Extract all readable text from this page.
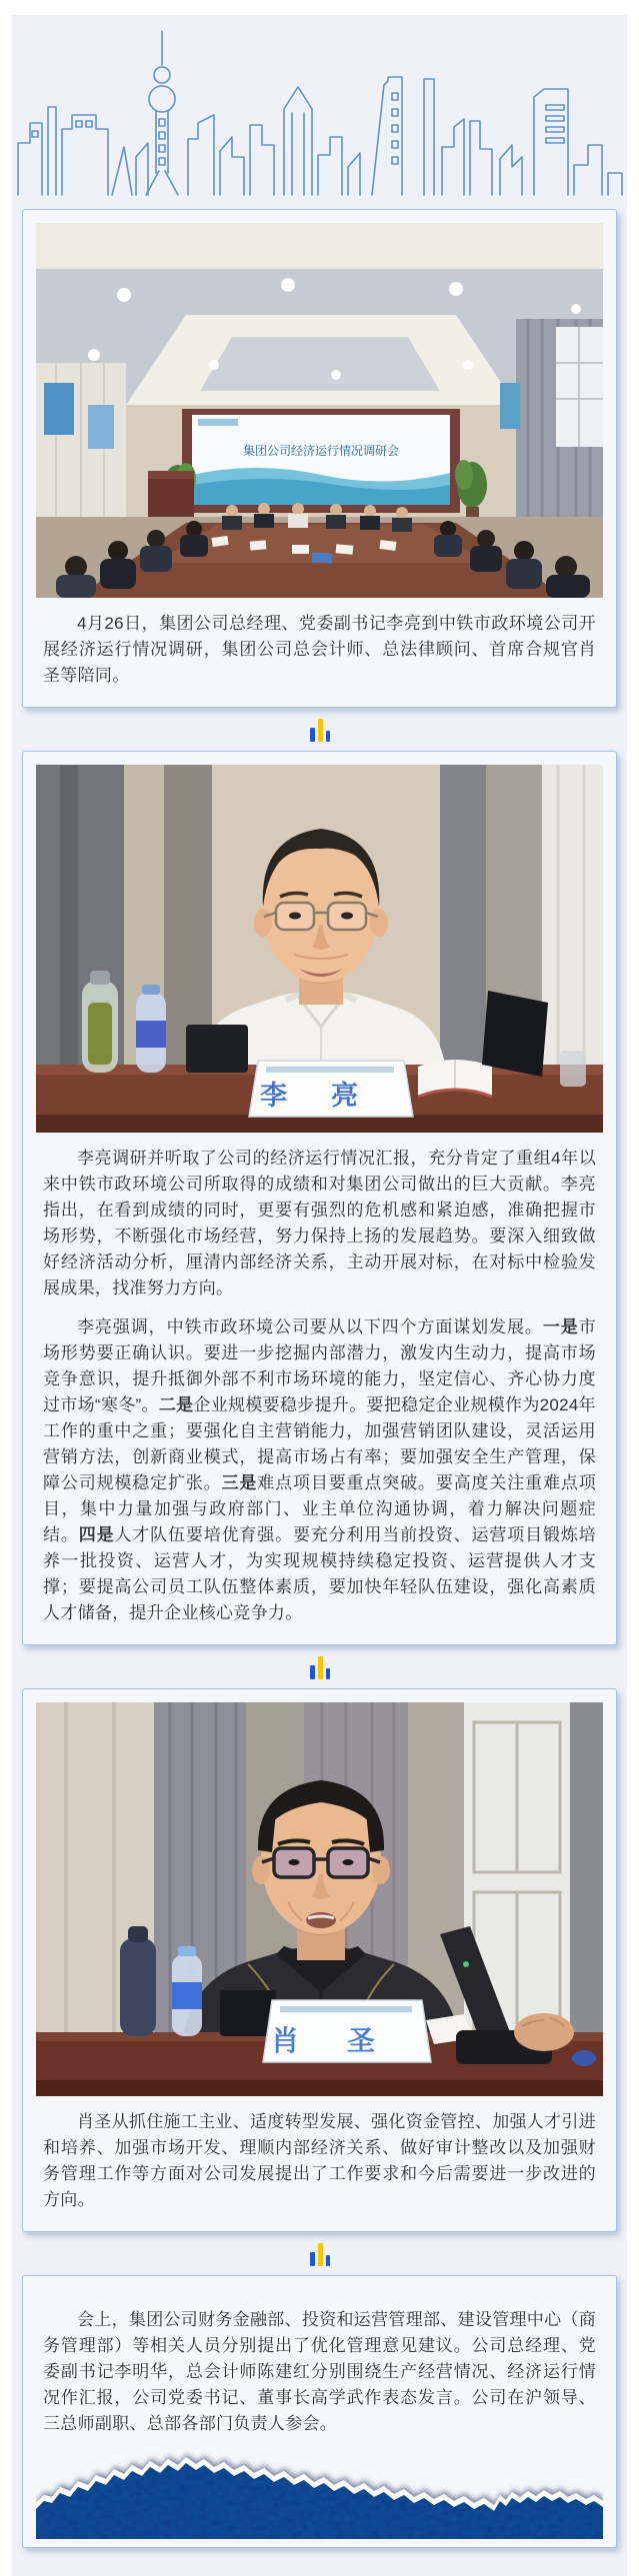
集团公司经济运行情况调研会

4月26日，集团公司总经理、党委副书记李亮到中铁市政环境公司开展经济运行情况调研，集团公司总会计师、总法律顾问、首席合规官肖圣等陪同。

李亮

李亮调研并听取了公司的经济运行情况汇报，充分肯定了重组4年以来中铁市政环境公司所取得的成绩和对集团公司做出的巨大贡献。李亮指出，在看到成绩的同时，更要有强烈的危机感和紧迫感，准确把握市场形势，不断强化市场经营，努力保持上扬的发展趋势。要深入细致做好经济活动分析，厘清内部经济关系，主动开展对标，在对标中检验发展成果，找准努力方向。

李亮强调，中铁市政环境公司要从以下四个方面谋划发展。一是市场形势要正确认识。要进一步挖掘内部潜力，激发内生动力，提高市场竞争意识，提升抵御外部不利市场环境的能力，坚定信心、齐心协力度过市场“寒冬”。二是企业规模要稳步提升。要把稳定企业规模作为2024年工作的重中之重；要强化自主营销能力，加强营销团队建设，灵活运用营销方法，创新商业模式，提高市场占有率；要加强安全生产管理，保障公司规模稳定扩张。三是难点项目要重点突破。要高度关注重难点项目，集中力量加强与政府部门、业主单位沟通协调，着力解决问题症结。四是人才队伍要培优育强。要充分利用当前投资、运营项目锻炼培养一批投资、运营人才，为实现规模持续稳定投资、运营提供人才支撑；要提高公司员工队伍整体素质，要加快年轻队伍建设，强化高素质人才储备，提升企业核心竞争力。

肖圣

肖圣从抓住施工主业、适度转型发展、强化资金管控、加强人才引进和培养、加强市场开发、理顺内部经济关系、做好审计整改以及加强财务管理工作等方面对公司发展提出了工作要求和今后需要进一步改进的方向。

会上，集团公司财务金融部、投资和运营管理部、建设管理中心（商务管理部）等相关人员分别提出了优化管理意见建议。公司总经理、党委副书记李明华，总会计师陈建红分别围绕生产经营情况、经济运行情况作汇报，公司党委书记、董事长高学武作表态发言。公司在沪领导、三总师副职、总部各部门负责人参会。
